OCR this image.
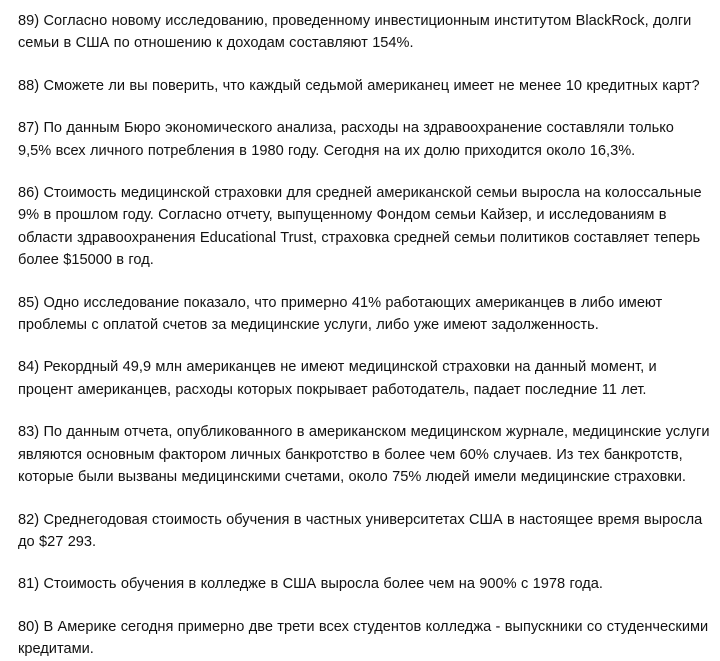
89) Согласно новому исследованию, проведенному инвестиционным институтом BlackRock, долги семьи в США по отношению к доходам составляют 154%.

88) Сможете ли вы поверить, что каждый седьмой американец имеет не менее 10 кредитных карт?

87) По данным Бюро экономического анализа, расходы на здравоохранение составляли только 9,5% всех личного потребления в 1980 году. Сегодня на их долю приходится около 16,3%.

86) Стоимость медицинской страховки для средней американской семьи выросла на колоссальные 9% в прошлом году. Согласно отчету, выпущенному Фондом семьи Кайзер, и исследованиям в области здравоохранения Educational Trust, страховка средней семьи политиков составляет теперь более $15000 в год.

85) Одно исследование показало, что примерно 41% работающих американцев в либо имеют проблемы с оплатой счетов за медицинские услуги, либо уже имеют задолженность.

84) Рекордный 49,9 млн американцев не имеют медицинской страховки на данный момент, и процент американцев, расходы которых покрывает работодатель, падает последние 11 лет.

83) По данным отчета, опубликованного в американском медицинском журнале, медицинские услуги являются основным фактором личных банкротство в более чем 60% случаев. Из тех банкротств, которые были вызваны медицинскими счетами, около 75% людей имели медицинские страховки.

82) Среднегодовая стоимость обучения в частных университетах США в настоящее время выросла до $27 293.

81) Стоимость обучения в колледже в США выросла более чем на 900% с 1978 года.

80) В Америке сегодня примерно две трети всех студентов колледжа - выпускники со студенческими кредитами.
